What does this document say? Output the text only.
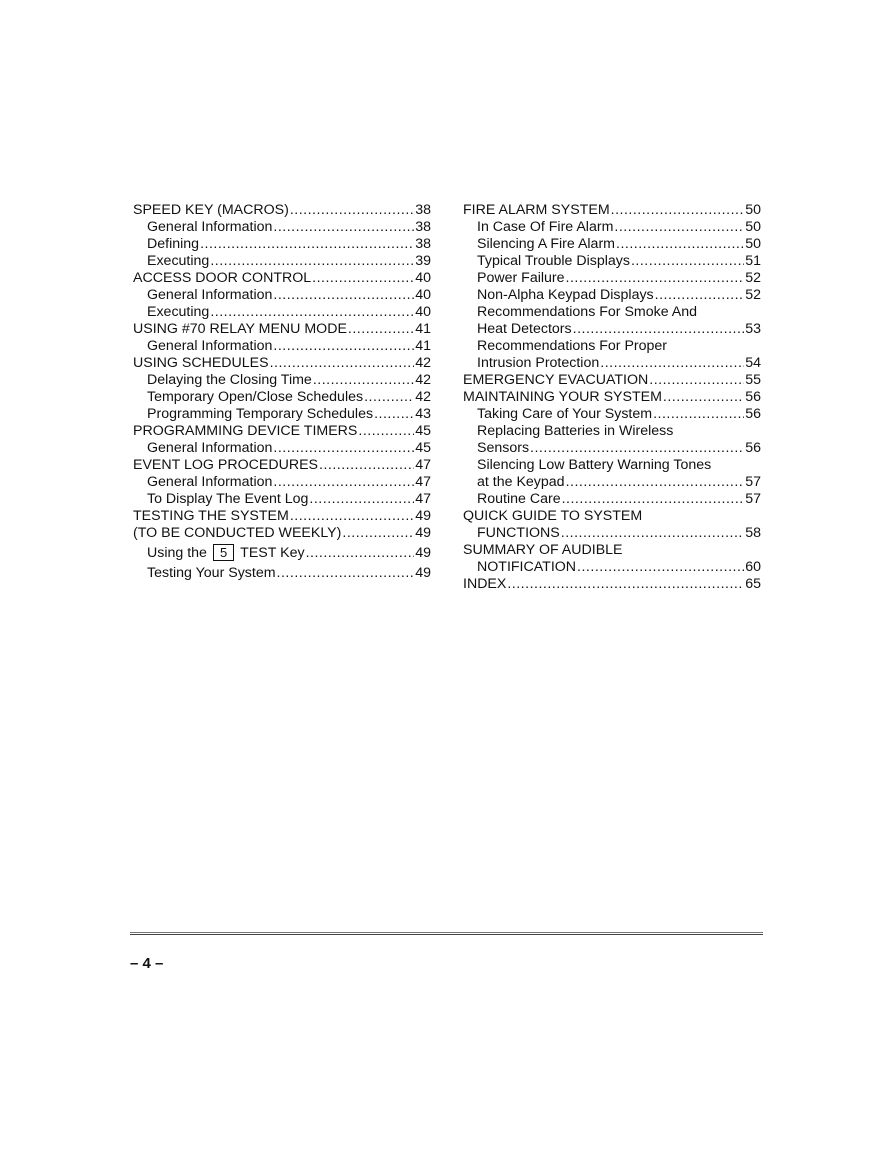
SPEED KEY (MACROS) .....	38
General Information .....	38
Defining .....	38
Executing .....	39
ACCESS DOOR CONTROL .....	40
General Information .....	40
Executing .....	40
USING #70 RELAY MENU MODE .....	41
General Information .....	41
USING SCHEDULES .....	42
Delaying the Closing Time .....	42
Temporary Open/Close Schedules .....	42
Programming Temporary Schedules .....	43
PROGRAMMING DEVICE TIMERS .....	45
General Information .....	45
EVENT LOG PROCEDURES .....	47
General Information .....	47
To Display The Event Log .....	47
TESTING THE SYSTEM .....	49
(TO BE CONDUCTED WEEKLY) .....	49
Using the 5 TEST Key .....	49
Testing Your System .....	49
FIRE ALARM SYSTEM .....	50
In Case Of Fire Alarm .....	50
Silencing A Fire Alarm .....	50
Typical Trouble Displays .....	51
Power Failure .....	52
Non-Alpha Keypad Displays .....	52
Recommendations For Smoke And
Heat Detectors .....	53
Recommendations For Proper
Intrusion Protection .....	54
EMERGENCY EVACUATION .....	55
MAINTAINING YOUR SYSTEM .....	56
Taking Care of Your System .....	56
Replacing Batteries in Wireless
Sensors .....	56
Silencing Low Battery Warning Tones
at the Keypad .....	57
Routine Care .....	57
QUICK GUIDE TO SYSTEM
FUNCTIONS .....	58
SUMMARY OF AUDIBLE
NOTIFICATION .....	60
INDEX .....	65
– 4 –
